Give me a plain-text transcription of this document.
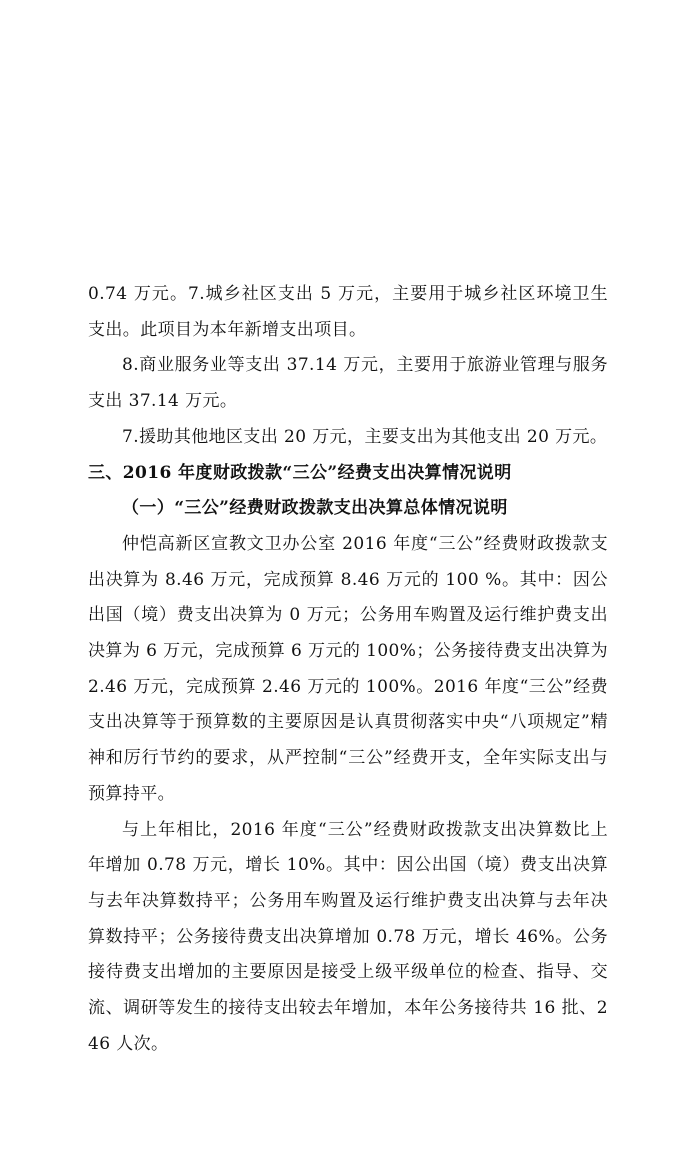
0.74 万元。7.城乡社区支出 5 万元，主要用于城乡社区环境卫生支出。此项目为本年新增支出项目。

8.商业服务业等支出 37.14 万元，主要用于旅游业管理与服务支出 37.14 万元。

7.援助其他地区支出 20 万元，主要支出为其他支出 20 万元。

三、2016 年度财政拨款“三公”经费支出决算情况说明

（一）“三公”经费财政拨款支出决算总体情况说明

仲恺高新区宣教文卫办公室 2016 年度“三公”经费财政拨款支出决算为 8.46 万元，完成预算 8.46 万元的 100 %。其中：因公出国（境）费支出决算为 0 万元；公务用车购置及运行维护费支出决算为 6 万元，完成预算 6 万元的 100%；公务接待费支出决算为 2.46 万元，完成预算 2.46 万元的 100%。2016 年度“三公”经费支出决算等于预算数的主要原因是认真贯彻落实中央“八项规定”精神和厉行节约的要求，从严控制“三公”经费开支，全年实际支出与预算持平。

与上年相比，2016 年度“三公”经费财政拨款支出决算数比上年增加 0.78 万元，增长 10%。其中：因公出国（境）费支出决算与去年决算数持平；公务用车购置及运行维护费支出决算与去年决算数持平；公务接待费支出决算增加 0.78 万元，增长 46%。公务接待费支出增加的主要原因是接受上级平级单位的检查、指导、交流、调研等发生的接待支出较去年增加，本年公务接待共 16 批、246 人次。
